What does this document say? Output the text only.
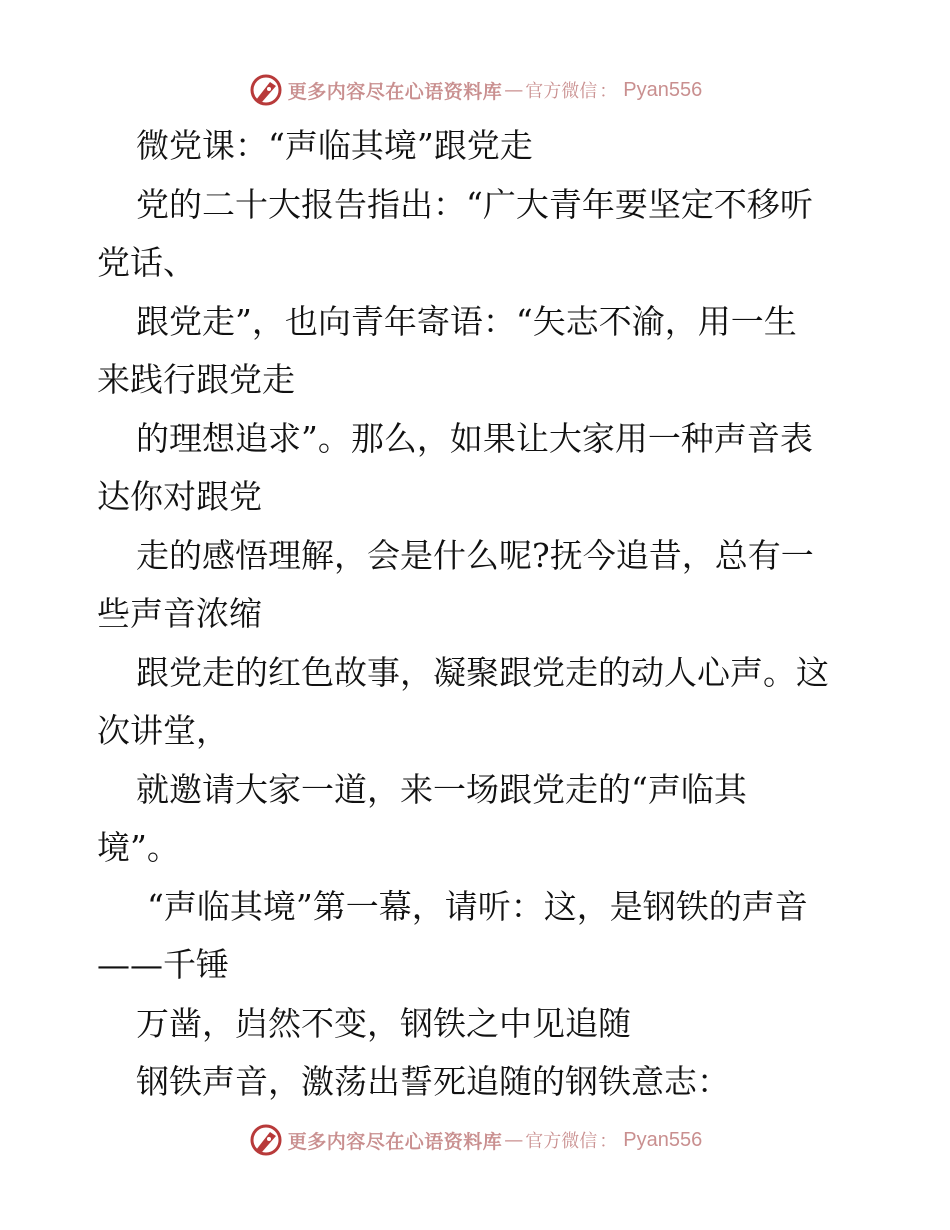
更多内容尽在心语资料库 — 官方微信 ： Pyan556
微党课：“声临其境”跟党走
党的二十大报告指出：“广大青年要坚定不移听
党话、
跟党走”，也向青年寄语：“矢志不渝，用一生
来践行跟党走
的理想追求”。那么，如果让大家用一种声音表
达你对跟党
走的感悟理解，会是什么呢?抚今追昔，总有一
些声音浓缩
跟党走的红色故事，凝聚跟党走的动人心声。这
次讲堂，
就邀请大家一道，来一场跟党走的“声临其
境”。
“声临其境”第一幕，请听：这，是钢铁的声音
——千锤
万凿，岿然不变，钢铁之中见追随
钢铁声音，激荡出誓死追随的钢铁意志：
更多内容尽在心语资料库 — 官方微信 ： Pyan556
